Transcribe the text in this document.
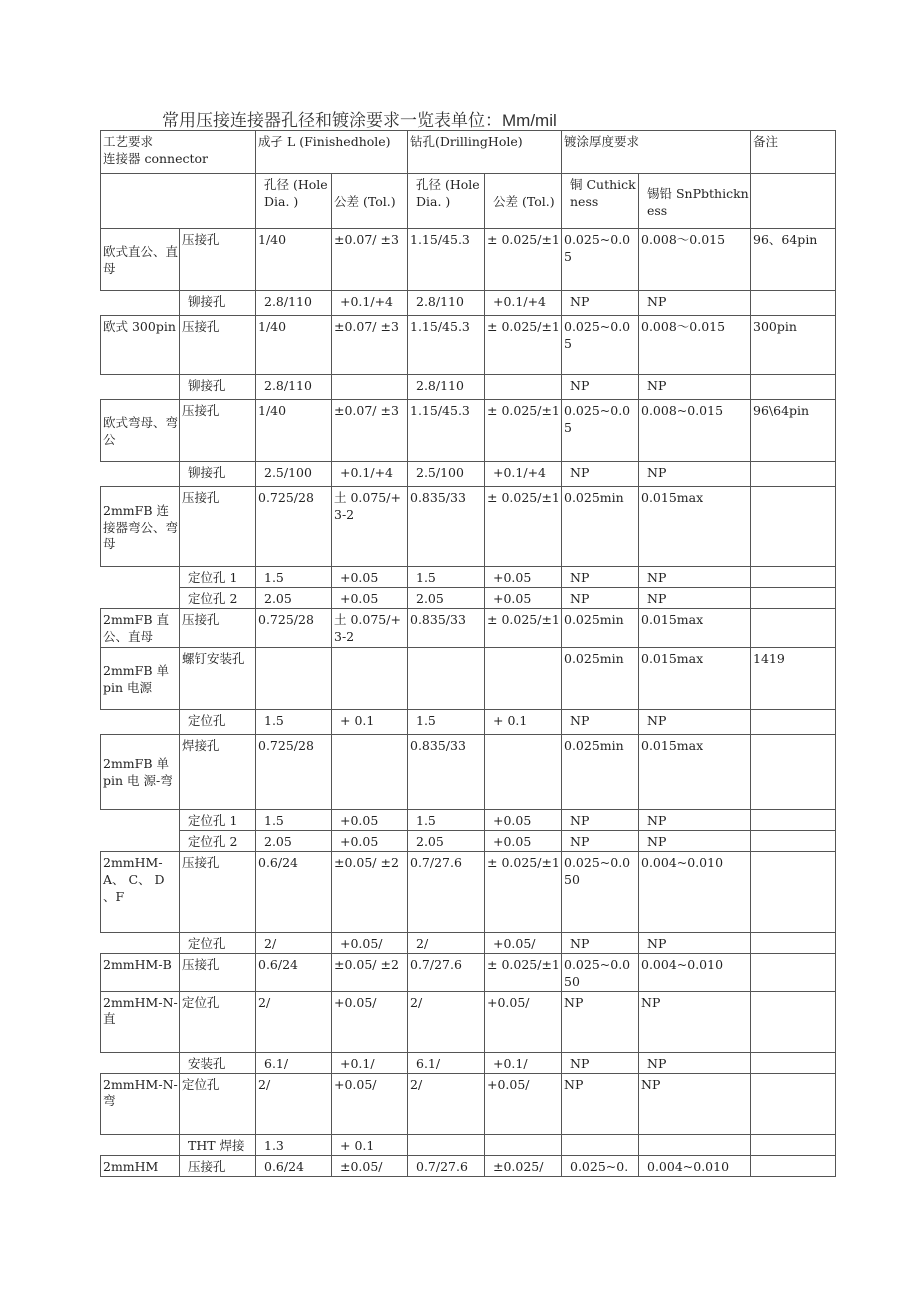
常用压接连接器孔径和镀涂要求一览表单位：Mm/mil
工艺要求
连接器 connector		成孑 L (Finishedhole)		钻孔(DrillingHole)		镀涂厚度要求		备注
		孔径 (HoleDia. )	公差 (Tol.)	孔径 (HoleDia. )	公差 (Tol.)	铜 Cuthickness	锡铅 SnPbthickness	
欧式直公、直母	压接孔	1/40	±0.07/ ±3	1.15/45.3	± 0.025/±1	0.025~0.05	0.008〜0.015	96、64pin
	铆接孔	2.8/110	+0.1/+4	2.8/110	+0.1/+4	NP	NP	
欧式 300pin	压接孔	1/40	±0.07/ ±3	1.15/45.3	± 0.025/±1	0.025~0.05	0.008〜0.015	300pin
	铆接孔	2.8/110		2.8/110		NP	NP	
欧式弯母、弯公	压接孔	1/40	±0.07/ ±3	1.15/45.3	± 0.025/±1	0.025~0.05	0.008~0.015	96\64pin
	铆接孔	2.5/100	+0.1/+4	2.5/100	+0.1/+4	NP	NP	
2mmFB 连接器弯公、弯母	压接孔	0.725/28	土 0.075/+3-2	0.835/33	± 0.025/±1	0.025min	0.015max	
	定位孔 1	1.5	+0.05	1.5	+0.05	NP	NP	
	定位孔 2	2.05	+0.05	2.05	+0.05	NP	NP	
2mmFB 直公、直母	压接孔	0.725/28	土 0.075/+3-2	0.835/33	± 0.025/±1	0.025min	0.015max	
2mmFB 单 pin 电源	螺钉安装孔					0.025min	0.015max	1419
	定位孔	1.5	+ 0.1	1.5	+ 0.1	NP	NP	
2mmFB 单 pin 电 源-弯	焊接孔	0.725/28		0.835/33		0.025min	0.015max	
	定位孔 1	1.5	+0.05	1.5	+0.05	NP	NP	
	定位孔 2	2.05	+0.05	2.05	+0.05	NP	NP	
2mmHM-A、 C、 D 、F	压接孔	0.6/24	±0.05/ ±2	0.7/27.6	± 0.025/±1	0.025~0.050	0.004~0.010	
	定位孔	2/	+0.05/	2/	+0.05/	NP	NP	
2mmHM-B	压接孔	0.6/24	±0.05/ ±2	0.7/27.6	± 0.025/±1	0.025~0.050	0.004~0.010	
2mmHM-N-直	定位孔	2/	+0.05/	2/	+0.05/	NP	NP	
	安装孔	6.1/	+0.1/	6.1/	+0.1/	NP	NP	
2mmHM-N-弯	定位孔	2/	+0.05/	2/	+0.05/	NP	NP	
	THT 焊接	1.3	+ 0.1					
2mmHM	压接孔	0.6/24	±0.05/	0.7/27.6	±0.025/	0.025~0.	0.004~0.010	
